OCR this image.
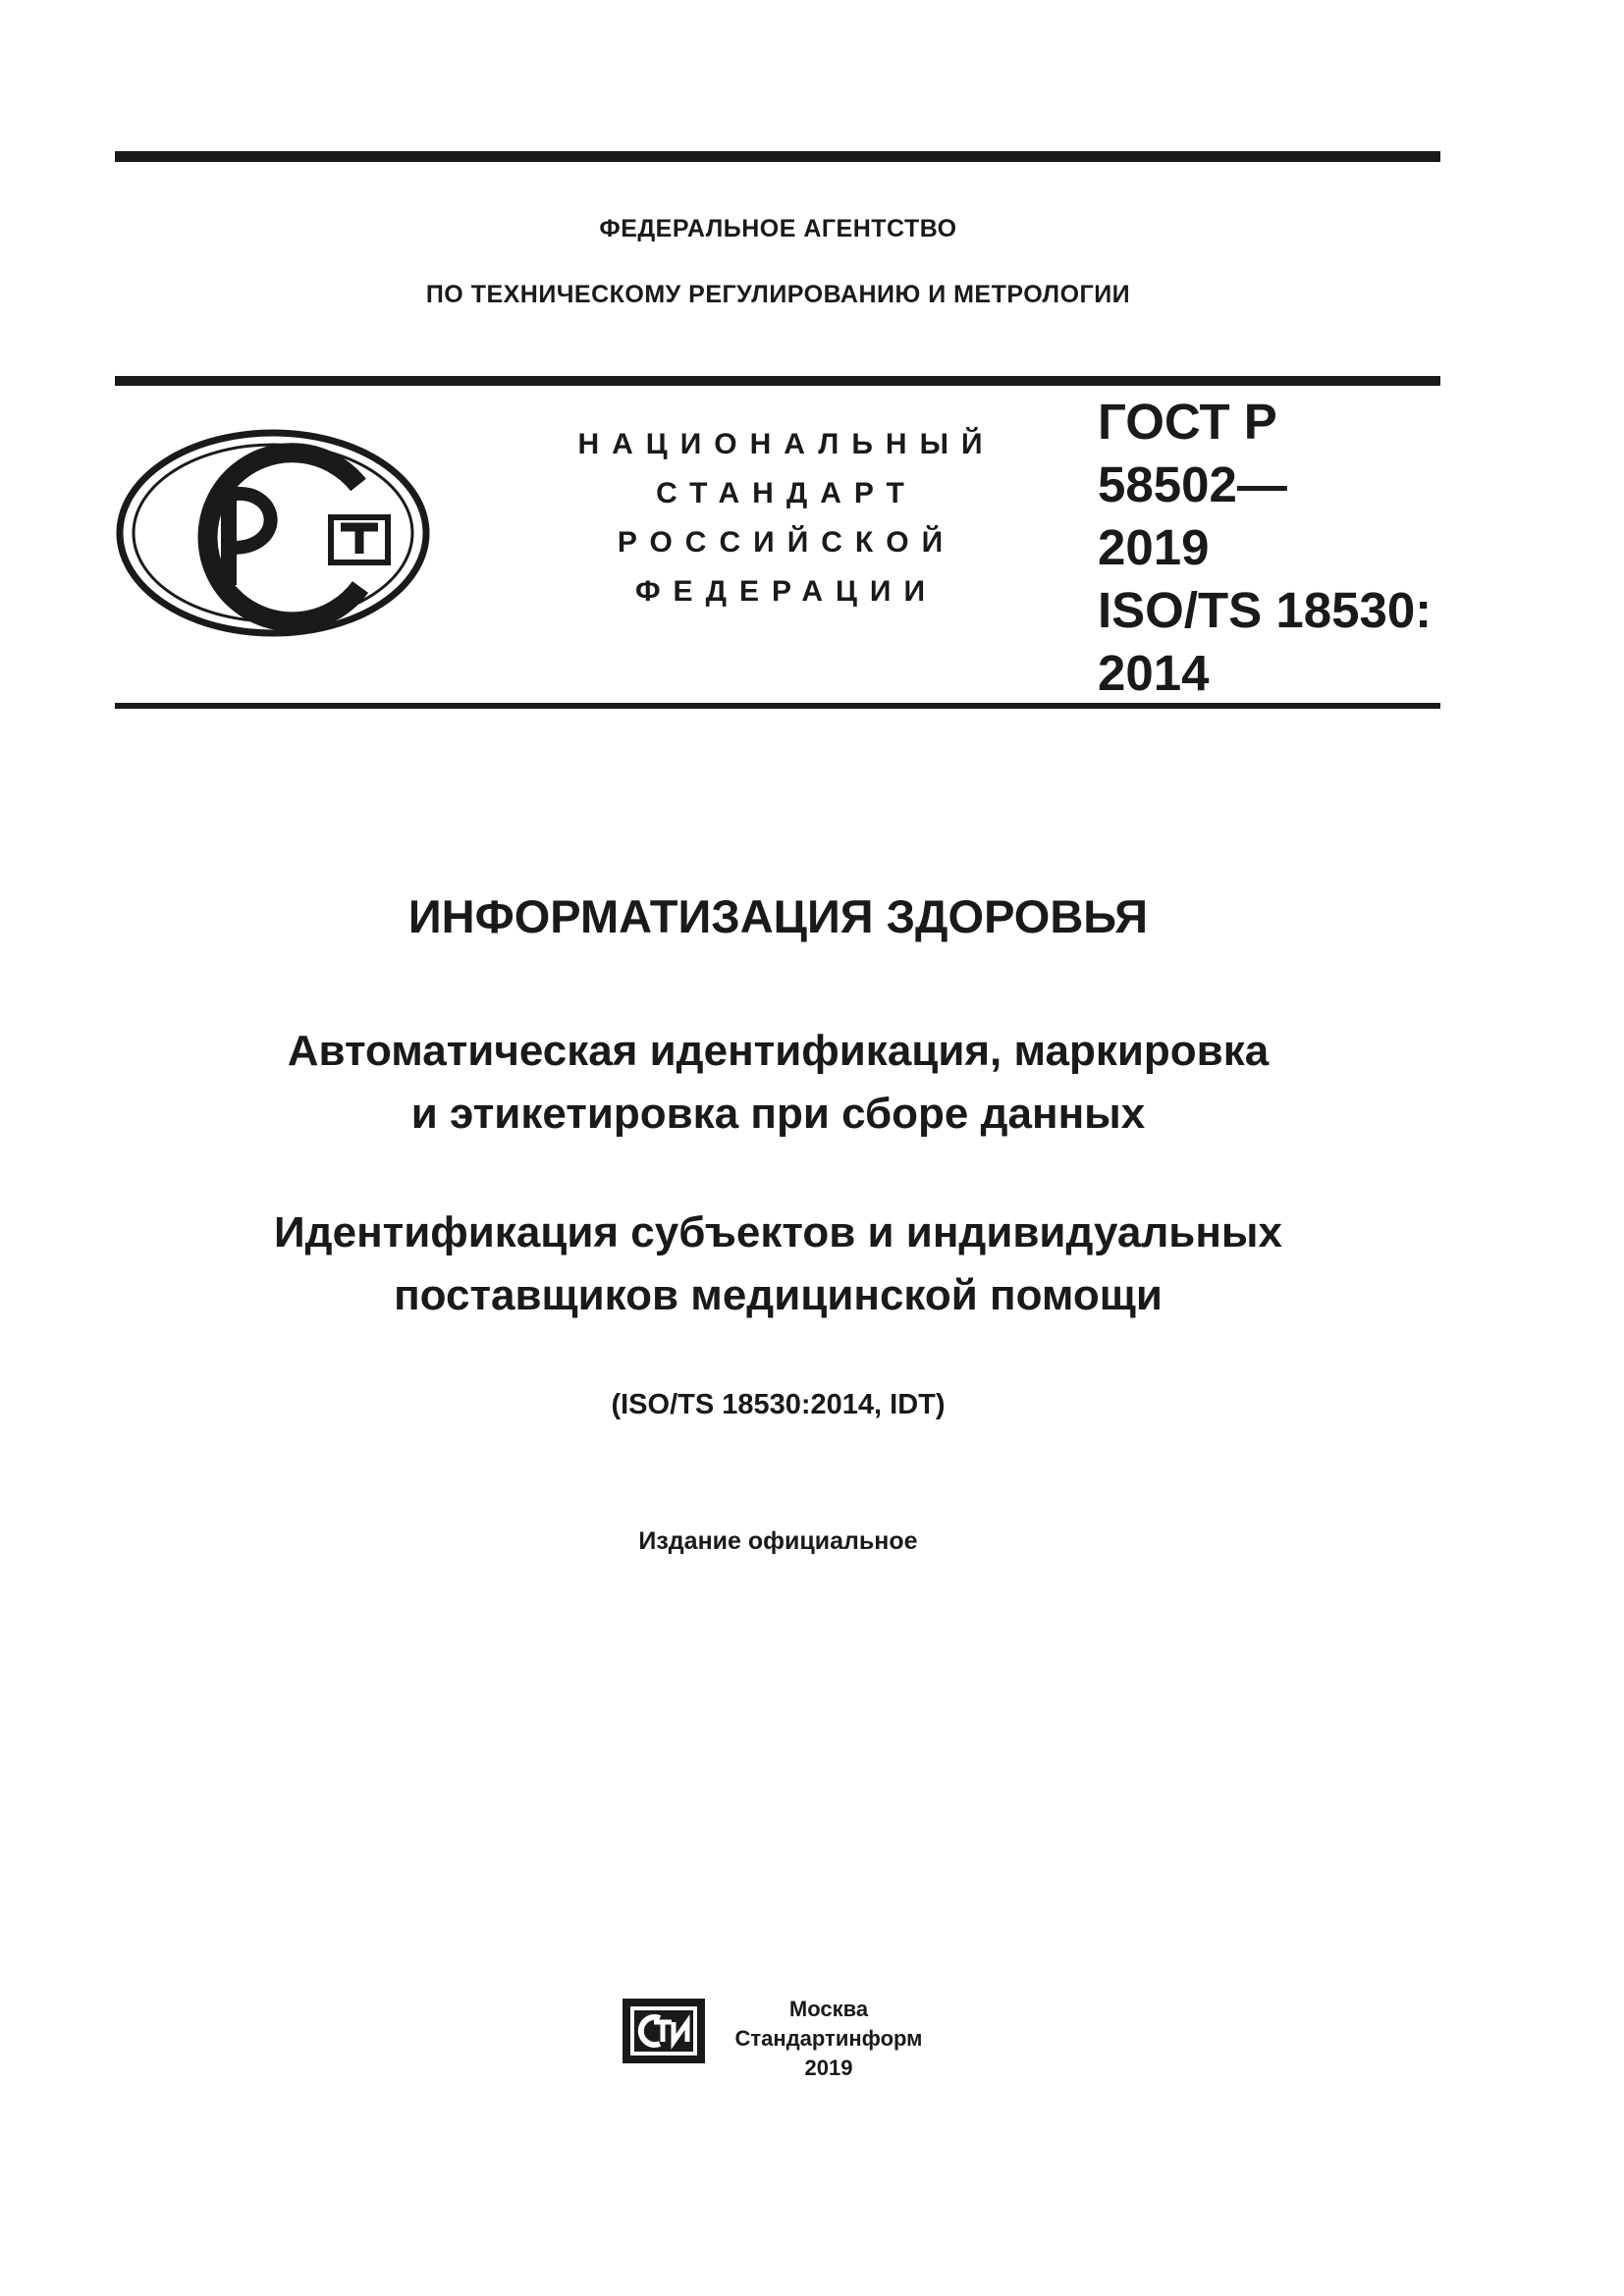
ФЕДЕРАЛЬНОЕ АГЕНТСТВО
ПО ТЕХНИЧЕСКОМУ РЕГУЛИРОВАНИЮ И МЕТРОЛОГИИ
НАЦИОНАЛЬНЫЙ
СТАНДАРТ
РОССИЙСКОЙ
ФЕДЕРАЦИИ
ГОСТ Р
58502—
2019
ISO/TS 18530:
2014
ИНФОРМАТИЗАЦИЯ ЗДОРОВЬЯ
Автоматическая идентификация, маркировка
и этикетировка при сборе данных
Идентификация субъектов и индивидуальных
поставщиков медицинской помощи
(ISO/TS 18530:2014, IDT)
Издание официальное
Москва
Стандартинформ
2019
